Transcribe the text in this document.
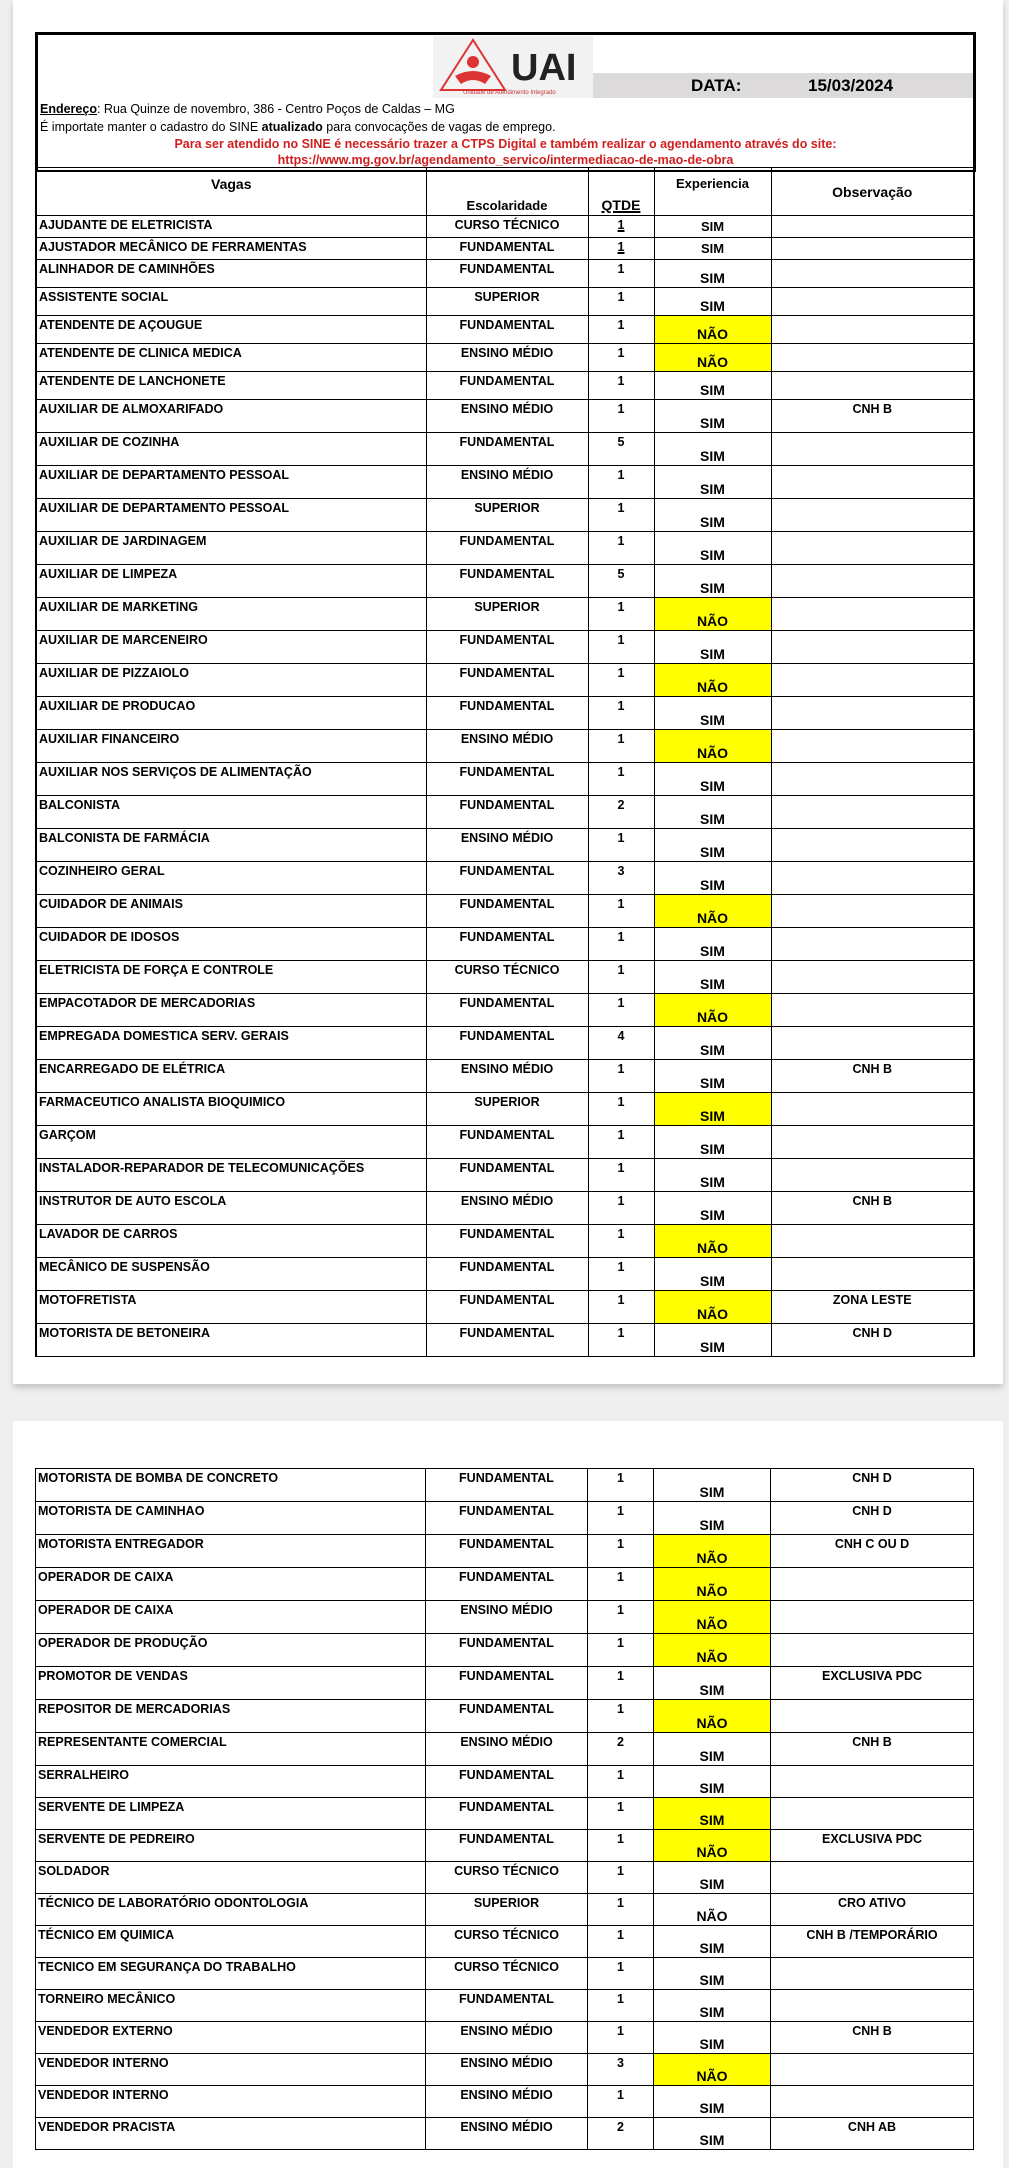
UAI
Unidade de Atendimento Integrado	DATA:	15/03/2024
Endereço: Rua Quinze de novembro, 386 - Centro Poços de Caldas – MG
É importate manter o cadastro do SINE atualizado para convocações de vagas de emprego.
Para ser atendido no SINE é necessário trazer a CTPS Digital e também realizar o agendamento através do site:
https://www.mg.gov.br/agendamento_servico/intermediacao-de-mao-de-obra
Vagas	Escolaridade	QTDE	Experiencia	Observação
AJUDANTE DE ELETRICISTA	CURSO TÉCNICO	1	SIM	
AJUSTADOR MECÂNICO DE FERRAMENTAS	FUNDAMENTAL	1	SIM	
ALINHADOR DE CAMINHÕES	FUNDAMENTAL	1	SIM	
ASSISTENTE SOCIAL	SUPERIOR	1	SIM	
ATENDENTE DE AÇOUGUE	FUNDAMENTAL	1	NÃO	
ATENDENTE DE CLINICA MEDICA	ENSINO MÉDIO	1	NÃO	
ATENDENTE DE LANCHONETE	FUNDAMENTAL	1	SIM	
AUXILIAR DE ALMOXARIFADO	ENSINO MÉDIO	1	SIM	CNH B
AUXILIAR DE COZINHA	FUNDAMENTAL	5	SIM	
AUXILIAR DE DEPARTAMENTO PESSOAL	ENSINO MÉDIO	1	SIM	
AUXILIAR DE DEPARTAMENTO PESSOAL	SUPERIOR	1	SIM	
AUXILIAR DE JARDINAGEM	FUNDAMENTAL	1	SIM	
AUXILIAR DE LIMPEZA	FUNDAMENTAL	5	SIM	
AUXILIAR DE MARKETING	SUPERIOR	1	NÃO	
AUXILIAR DE MARCENEIRO	FUNDAMENTAL	1	SIM	
AUXILIAR DE PIZZAIOLO	FUNDAMENTAL	1	NÃO	
AUXILIAR DE PRODUCAO	FUNDAMENTAL	1	SIM	
AUXILIAR FINANCEIRO	ENSINO MÉDIO	1	NÃO	
AUXILIAR NOS SERVIÇOS DE ALIMENTAÇÃO	FUNDAMENTAL	1	SIM	
BALCONISTA	FUNDAMENTAL	2	SIM	
BALCONISTA DE FARMÁCIA	ENSINO MÉDIO	1	SIM	
COZINHEIRO GERAL	FUNDAMENTAL	3	SIM	
CUIDADOR DE ANIMAIS	FUNDAMENTAL	1	NÃO	
CUIDADOR DE IDOSOS	FUNDAMENTAL	1	SIM	
ELETRICISTA DE FORÇA E CONTROLE	CURSO TÉCNICO	1	SIM	
EMPACOTADOR DE MERCADORIAS	FUNDAMENTAL	1	NÃO	
EMPREGADA DOMESTICA SERV. GERAIS	FUNDAMENTAL	4	SIM	
ENCARREGADO DE ELÉTRICA	ENSINO MÉDIO	1	SIM	CNH B
FARMACEUTICO ANALISTA BIOQUIMICO	SUPERIOR	1	SIM	
GARÇOM	FUNDAMENTAL	1	SIM	
INSTALADOR-REPARADOR DE TELECOMUNICAÇÕES	FUNDAMENTAL	1	SIM	
INSTRUTOR DE AUTO ESCOLA	ENSINO MÉDIO	1	SIM	CNH B
LAVADOR DE CARROS	FUNDAMENTAL	1	NÃO	
MECÂNICO DE SUSPENSÃO	FUNDAMENTAL	1	SIM	
MOTOFRETISTA	FUNDAMENTAL	1	NÃO	ZONA LESTE
MOTORISTA DE BETONEIRA	FUNDAMENTAL	1	SIM	CNH D
MOTORISTA DE BOMBA DE CONCRETO	FUNDAMENTAL	1	SIM	CNH D
MOTORISTA DE CAMINHAO	FUNDAMENTAL	1	SIM	CNH D
MOTORISTA ENTREGADOR	FUNDAMENTAL	1	NÃO	CNH C OU D
OPERADOR DE CAIXA	FUNDAMENTAL	1	NÃO	
OPERADOR DE CAIXA	ENSINO MÉDIO	1	NÃO	
OPERADOR DE PRODUÇÃO	FUNDAMENTAL	1	NÃO	
PROMOTOR DE VENDAS	FUNDAMENTAL	1	SIM	EXCLUSIVA PDC
REPOSITOR DE MERCADORIAS	FUNDAMENTAL	1	NÃO	
REPRESENTANTE COMERCIAL	ENSINO MÉDIO	2	SIM	CNH B
SERRALHEIRO	FUNDAMENTAL	1	SIM	
SERVENTE DE LIMPEZA	FUNDAMENTAL	1	SIM	
SERVENTE DE PEDREIRO	FUNDAMENTAL	1	NÃO	EXCLUSIVA PDC
SOLDADOR	CURSO TÉCNICO	1	SIM	
TÉCNICO DE LABORATÓRIO ODONTOLOGIA	SUPERIOR	1	NÃO	CRO ATIVO
TÉCNICO EM QUIMICA	CURSO TÉCNICO	1	SIM	CNH B /TEMPORÁRIO
TECNICO EM SEGURANÇA DO TRABALHO	CURSO TÉCNICO	1	SIM	
TORNEIRO MECÂNICO	FUNDAMENTAL	1	SIM	
VENDEDOR EXTERNO	ENSINO MÉDIO	1	SIM	CNH B
VENDEDOR INTERNO	ENSINO MÉDIO	3	NÃO	
VENDEDOR INTERNO	ENSINO MÉDIO	1	SIM	
VENDEDOR PRACISTA	ENSINO MÉDIO	2	SIM	CNH AB
